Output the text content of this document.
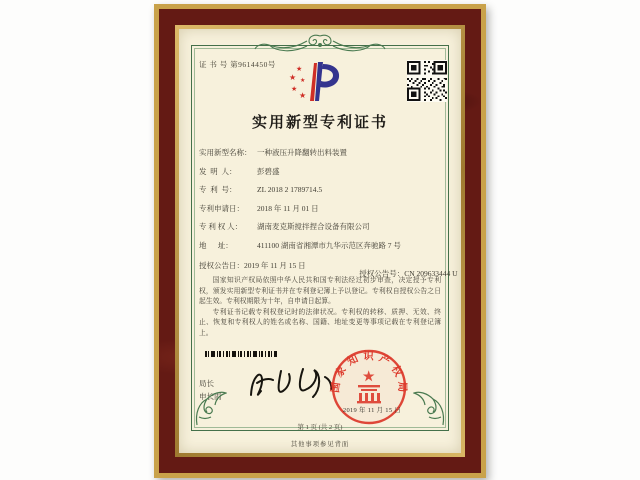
证 书 号 第9614450号
★
★
★
★
★
实用新型专利证书
实用新型名称： 一种液压升降翻转出料装置
发  明  人：	彭碧盛
专  利  号：	ZL 2018 2 1789714.5
专利申请日：	2018 年 11 月 01 日
专 利 权 人：	湖南麦克斯搅拌捏合设备有限公司
地      址：	411100 湖南省湘潭市九华示范区奔驰路 7 号
授权公告日：2019 年 11 月 15 日

授权公告号：CN 209633444 U

国家知识产权局依照中华人民共和国专利法经过初步审查，决定授予专利权，颁发实用新型专利证书并在专利登记簿上予以登记。专利权自授权公告之日起生效。专利权期限为十年，自申请日起算。

专利证书记载专利权登记时的法律状况。专利权的转移、质押、无效、终止、恢复和专利权人的姓名或名称、国籍、地址变更等事项记载在专利登记簿上。

局长
申长雨
国家知识产权局
2019 年 11 月 15 日
第 1 页 (共 2 页)
其他事项参见背面
